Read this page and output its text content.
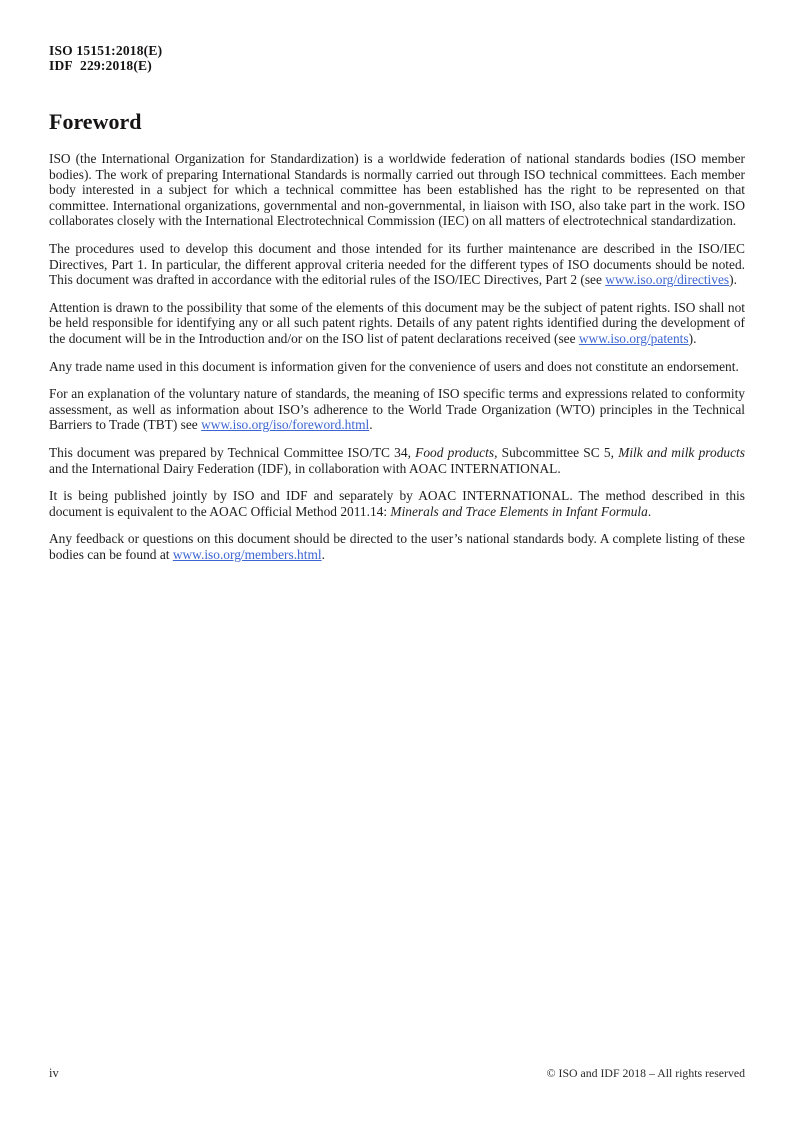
ISO 15151:2018(E)
IDF  229:2018(E)
Foreword

ISO (the International Organization for Standardization) is a worldwide federation of national standards bodies (ISO member bodies). The work of preparing International Standards is normally carried out through ISO technical committees. Each member body interested in a subject for which a technical committee has been established has the right to be represented on that committee. International organizations, governmental and non-governmental, in liaison with ISO, also take part in the work. ISO collaborates closely with the International Electrotechnical Commission (IEC) on all matters of electrotechnical standardization.

The procedures used to develop this document and those intended for its further maintenance are described in the ISO/IEC Directives, Part 1. In particular, the different approval criteria needed for the different types of ISO documents should be noted. This document was drafted in accordance with the editorial rules of the ISO/IEC Directives, Part 2 (see www.iso.org/directives).

Attention is drawn to the possibility that some of the elements of this document may be the subject of patent rights. ISO shall not be held responsible for identifying any or all such patent rights. Details of any patent rights identified during the development of the document will be in the Introduction and/or on the ISO list of patent declarations received (see www.iso.org/patents).

Any trade name used in this document is information given for the convenience of users and does not constitute an endorsement.

For an explanation of the voluntary nature of standards, the meaning of ISO specific terms and expressions related to conformity assessment, as well as information about ISO’s adherence to the World Trade Organization (WTO) principles in the Technical Barriers to Trade (TBT) see www.iso.org/iso/foreword.html.

This document was prepared by Technical Committee ISO/TC 34, Food products, Subcommittee SC 5, Milk and milk products and the International Dairy Federation (IDF), in collaboration with AOAC INTERNATIONAL.

It is being published jointly by ISO and IDF and separately by AOAC INTERNATIONAL. The method described in this document is equivalent to the AOAC Official Method 2011.14: Minerals and Trace Elements in Infant Formula.

Any feedback or questions on this document should be directed to the user’s national standards body. A complete listing of these bodies can be found at www.iso.org/members.html.

iv	© ISO and IDF 2018 – All rights reserved
